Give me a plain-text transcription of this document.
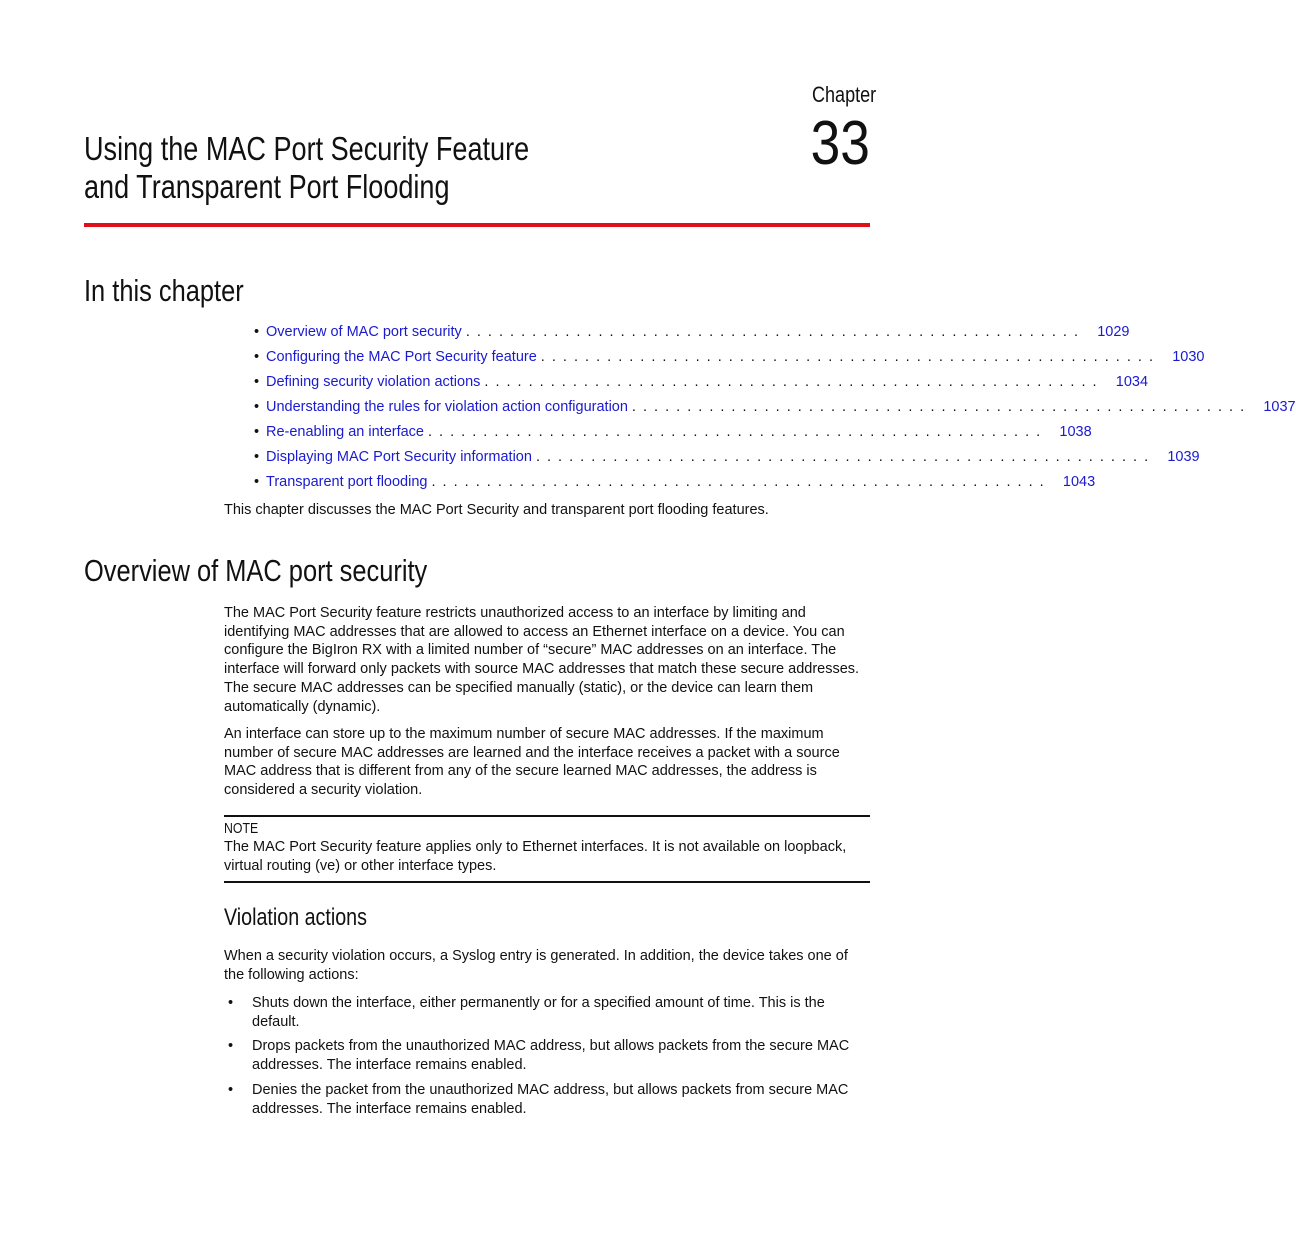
Chapter
33
Using the MAC Port Security Feature
and Transparent Port Flooding
In this chapter
• Overview of MAC port security . . . . . . . . . . . . . . . . . . . . . . . . . . . . . . . . . . . . . . . . . . . . . . . . . . . . . . . .	1029
• Configuring the MAC Port Security feature . . . . . . . . . . . . . . . . . . . . . . . . . . . . . . . . . . . . . . . . . . . . . . . . . . . . . . . .	1030
• Defining security violation actions . . . . . . . . . . . . . . . . . . . . . . . . . . . . . . . . . . . . . . . . . . . . . . . . . . . . . . . .	1034
• Understanding the rules for violation action configuration . . . . . . . . . . . . . . . . . . . . . . . . . . . . . . . . . . . . . . . . . . . . . . . . . . . . . . . .	1037
• Re-enabling an interface . . . . . . . . . . . . . . . . . . . . . . . . . . . . . . . . . . . . . . . . . . . . . . . . . . . . . . . .	1038
• Displaying MAC Port Security information . . . . . . . . . . . . . . . . . . . . . . . . . . . . . . . . . . . . . . . . . . . . . . . . . . . . . . . .	1039
• Transparent port flooding . . . . . . . . . . . . . . . . . . . . . . . . . . . . . . . . . . . . . . . . . . . . . . . . . . . . . . . .	1043
This chapter discusses the MAC Port Security and transparent port flooding features.
Overview of MAC port security

The MAC Port Security feature restricts unauthorized access to an interface by limiting and identifying MAC addresses that are allowed to access an Ethernet interface on a device. You can configure the BigIron RX with a limited number of “secure” MAC addresses on an interface. The interface will forward only packets with source MAC addresses that match these secure addresses. The secure MAC addresses can be specified manually (static), or the device can learn them automatically (dynamic).

An interface can store up to the maximum number of secure MAC addresses. If the maximum number of secure MAC addresses are learned and the interface receives a packet with a source MAC address that is different from any of the secure learned MAC addresses, the address is considered a security violation.

NOTE
The MAC Port Security feature applies only to Ethernet interfaces. It is not available on loopback, virtual routing (ve) or other interface types.
Violation actions

When a security violation occurs, a Syslog entry is generated. In addition, the device takes one of the following actions:

• Shuts down the interface, either permanently or for a specified amount of time. This is the default.
• Drops packets from the unauthorized MAC address, but allows packets from the secure MAC addresses. The interface remains enabled.
• Denies the packet from the unauthorized MAC address, but allows packets from secure MAC addresses. The interface remains enabled.
